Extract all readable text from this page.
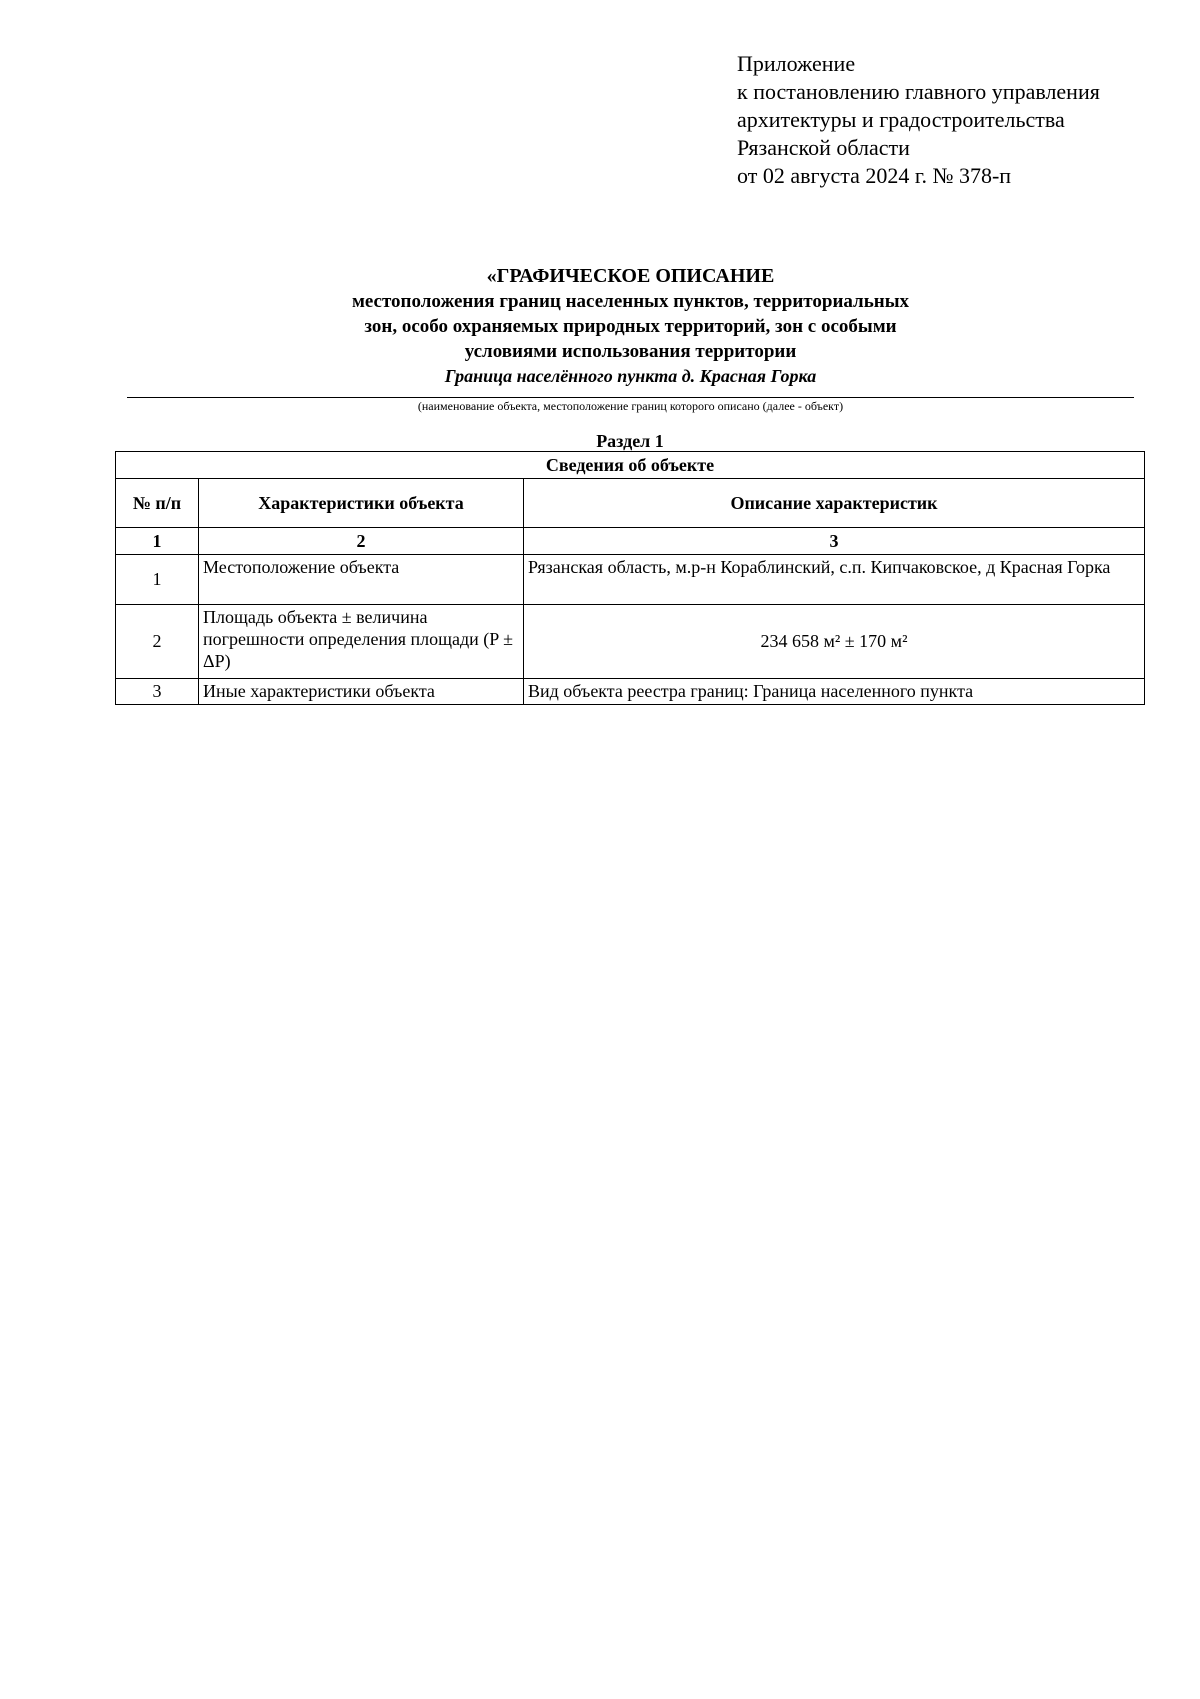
Приложение
к постановлению главного управления
архитектуры и градостроительства
Рязанской области
от 02 августа 2024 г. № 378-п
«ГРАФИЧЕСКОЕ ОПИСАНИЕ
местоположения границ населенных пунктов, территориальных
зон, особо охраняемых природных территорий, зон с особыми
условиями использования территории
Граница населённого пункта д. Красная Горка
(наименование объекта, местоположение границ которого описано (далее - объект)
Раздел 1
Сведения об объекте		
№ п/п	Характеристики объекта	Описание характеристик
1	2	3
1	Местоположение объекта	Рязанская область, м.р-н Кораблинский, с.п. Кипчаковское, д Красная Горка
2	Площадь объекта ± величина погрешности определения площади (P ± ΔP)	234 658 м² ± 170 м²
3	Иные характеристики объекта	Вид объекта реестра границ: Граница населенного пункта
